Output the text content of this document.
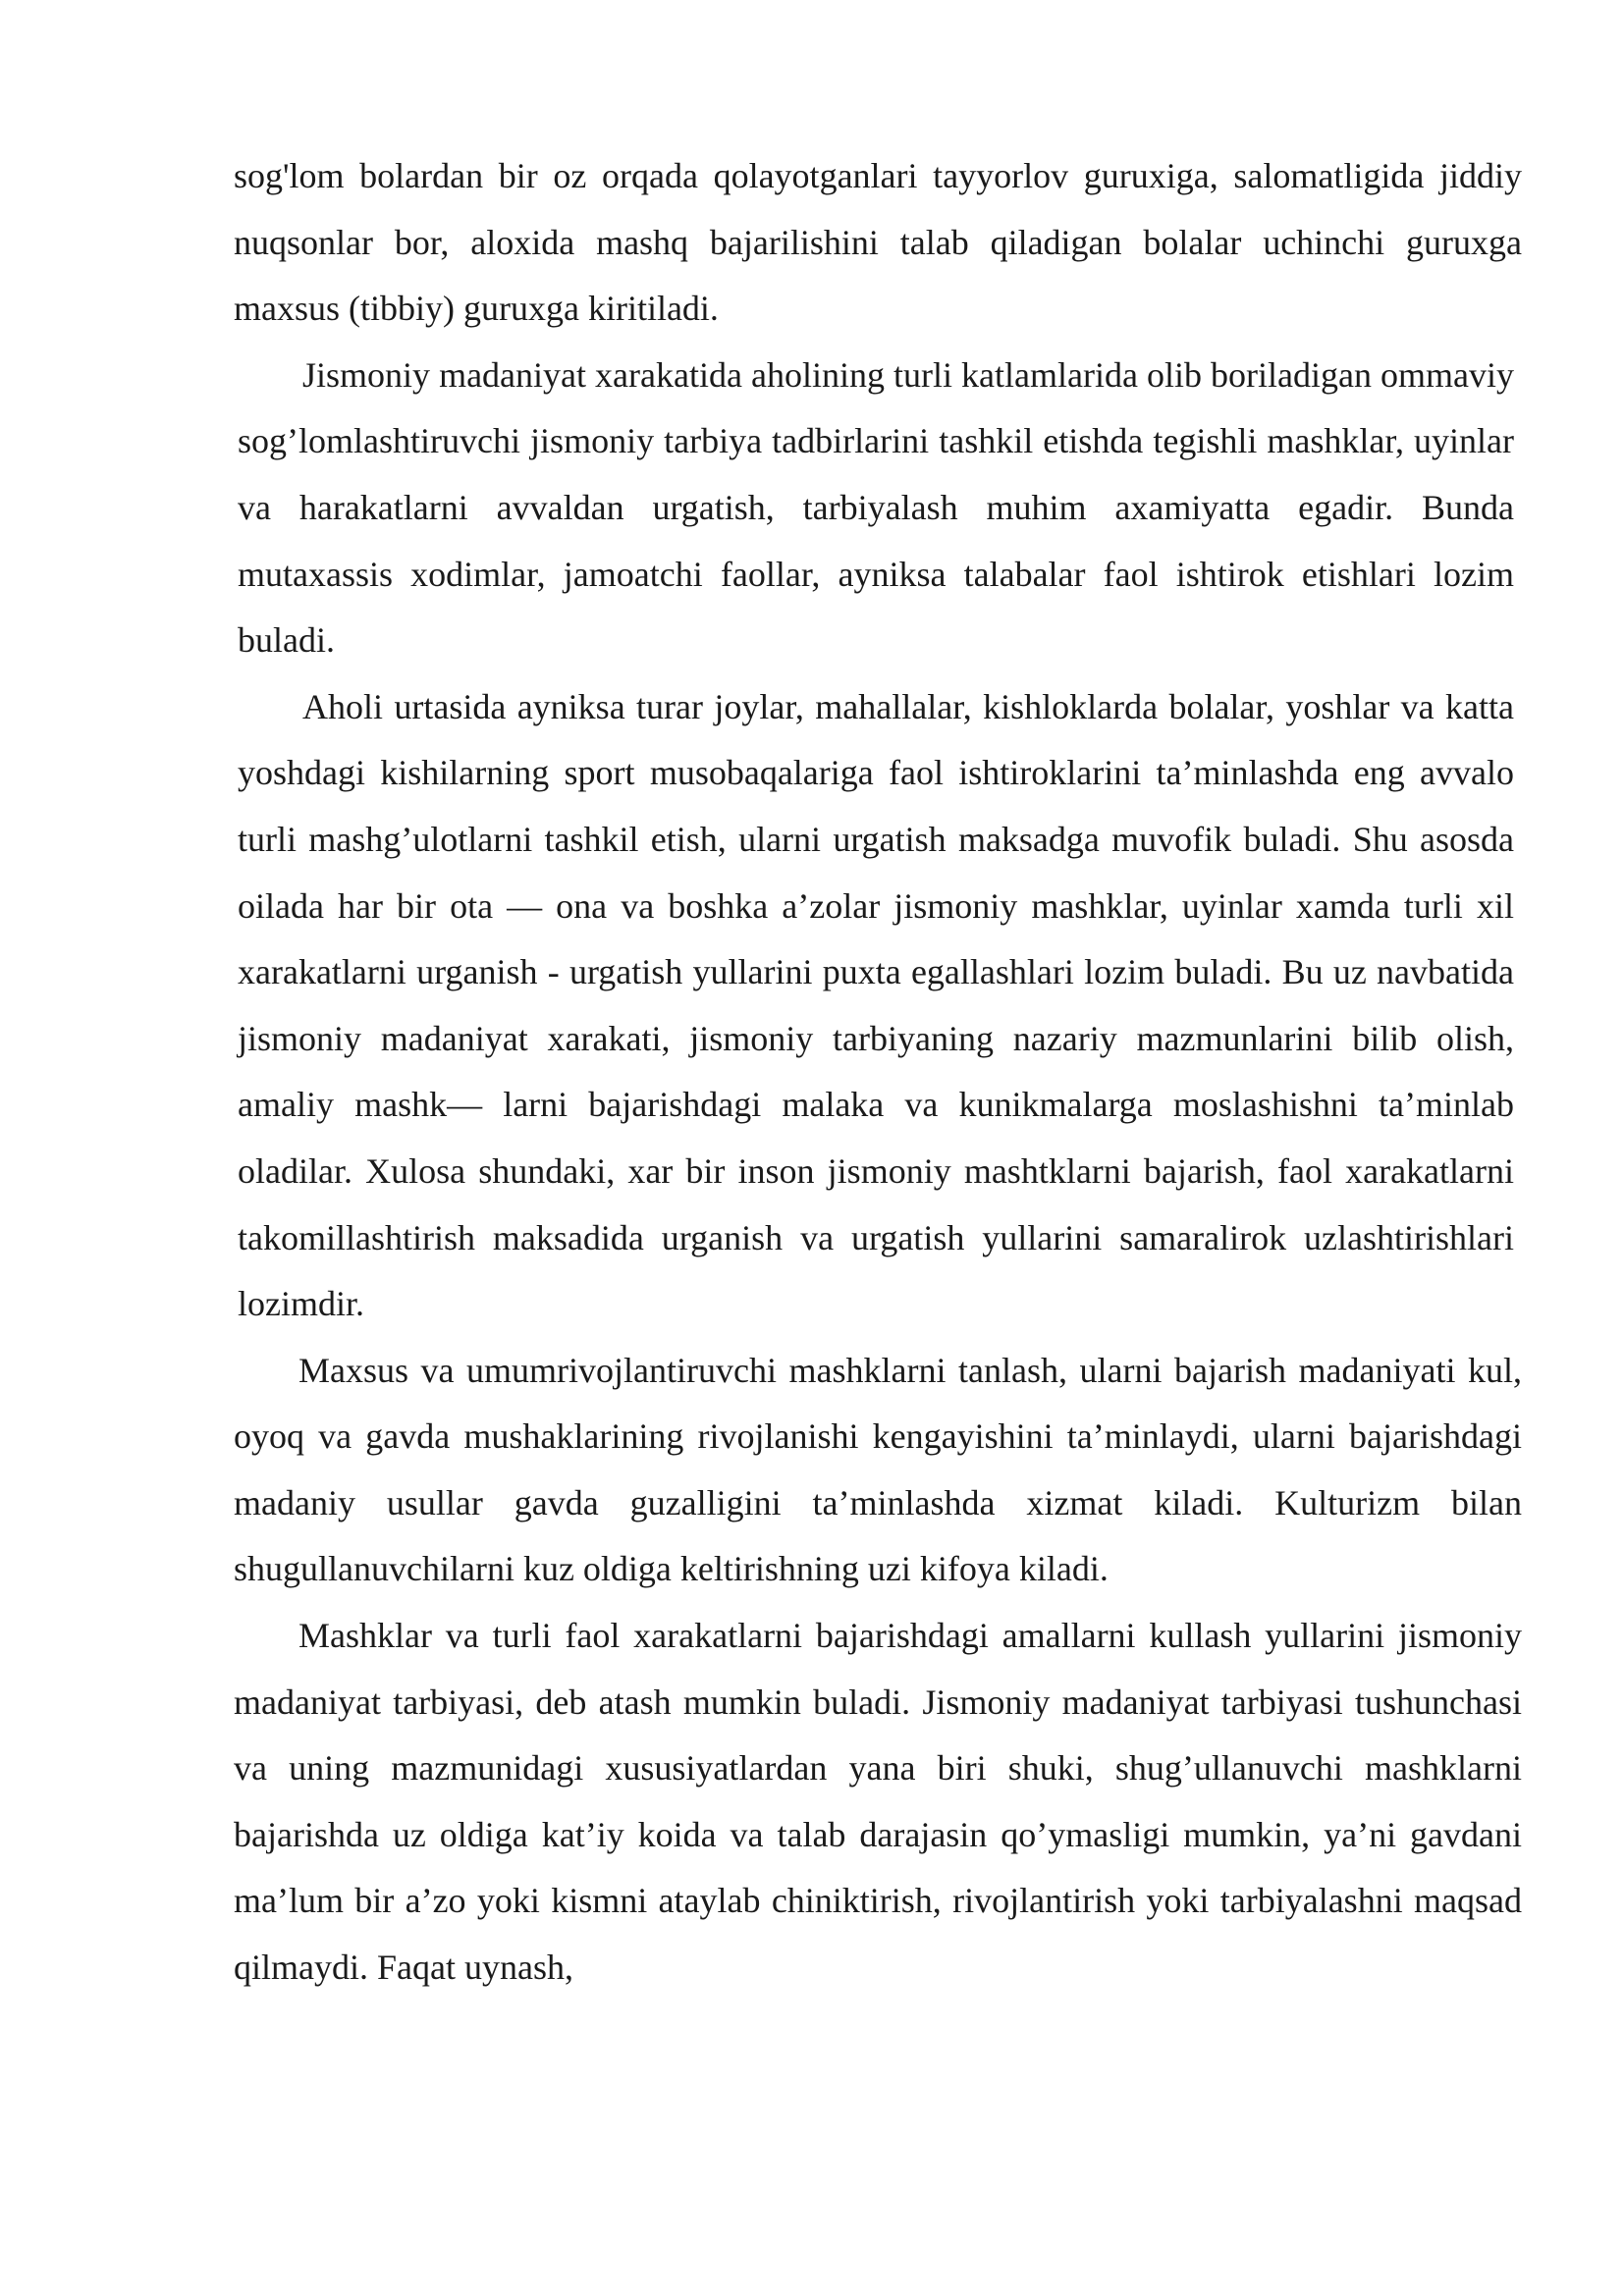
sog'lom bolardan bir oz orqada qolayotganlari tayyorlov guruxiga, salomatligida jiddiy nuqsonlar bor, aloxida mashq bajarilishini talab qiladigan bolalar uchinchi guruxga maxsus (tibbiy) guruxga kiritiladi.

Jismoniy madaniyat xarakatida aholining turli katlamlarida olib boriladigan ommaviy sog’lomlashtiruvchi jismoniy tarbiya tadbirlarini tashkil etishda tegishli mashklar, uyinlar va harakatlarni avvaldan urgatish, tarbiyalash muhim axamiyatta egadir. Bunda mutaxassis xodimlar, jamoatchi faollar, ayniksa talabalar faol ishtirok etishlari lozim buladi.

Aholi urtasida ayniksa turar joylar, mahallalar, kishloklarda bolalar, yoshlar va katta yoshdagi kishilarning sport musobaqalariga faol ishtiroklarini ta’minlashda eng avvalo turli mashg’ulotlarni tashkil etish, ularni urgatish maksadga muvofik buladi. Shu asosda oilada har bir ota — ona va boshka a’zolar jismoniy mashklar, uyinlar xamda turli xil xarakatlarni urganish - urgatish yullarini puxta egallashlari lozim buladi. Bu uz navbatida jismoniy madaniyat xarakati, jismoniy tarbiyaning nazariy mazmunlarini bilib olish, amaliy mashk— larni bajarishdagi malaka va kunikmalarga moslashishni ta’minlab oladilar. Xulosa shundaki, xar bir inson jismoniy mashtklarni bajarish, faol xarakatlarni takomillashtirish maksadida urganish va urgatish yullarini samaralirok uzlashtirishlari lozimdir.

Maxsus va umumrivojlantiruvchi mashklarni tanlash, ularni bajarish madaniyati kul, oyoq va gavda mushaklarining rivojlanishi kengayishini ta’minlaydi, ularni bajarishdagi madaniy usullar gavda guzalligini ta’minlashda xizmat kiladi. Kulturizm bilan shugullanuvchilarni kuz oldiga keltirishning uzi kifoya kiladi.

Mashklar va turli faol xarakatlarni bajarishdagi amallarni kullash yullarini jismoniy madaniyat tarbiyasi, deb atash mumkin buladi. Jismoniy madaniyat tarbiyasi tushunchasi va uning mazmunidagi xususiyatlardan yana biri shuki, shug’ullanuvchi mashklarni bajarishda uz oldiga kat’iy koida va talab darajasin qo’ymasligi mumkin, ya’ni gavdani ma’lum bir a’zo yoki kismni ataylab chiniktirish, rivojlantirish yoki tarbiyalashni maqsad qilmaydi. Faqat uynash,
